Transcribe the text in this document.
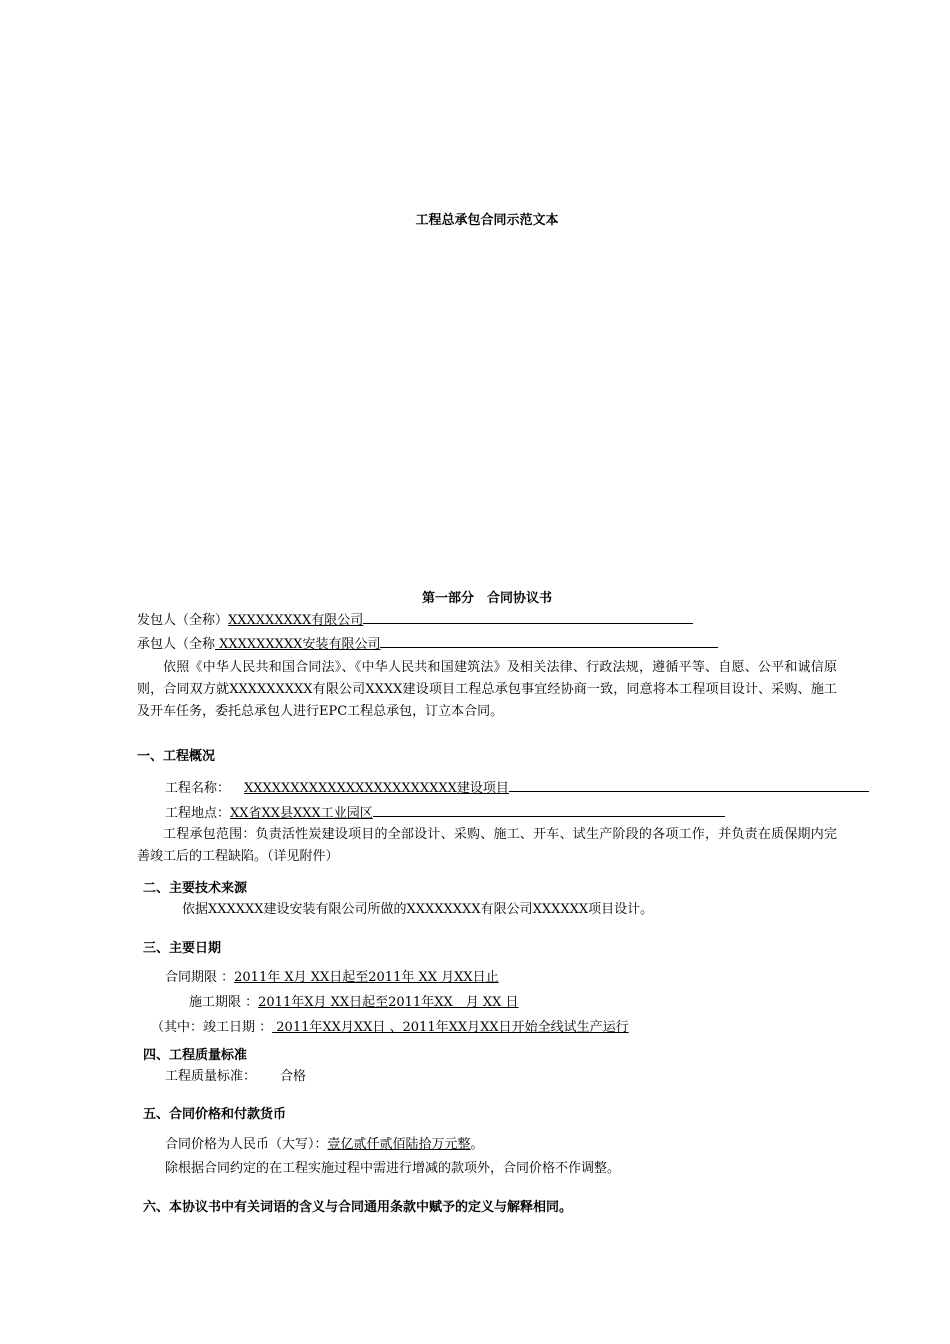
工程总承包合同示范文本
第一部分　合同协议书
发包人（全称）XXXXXXXXX有限公司
承包人（全称 XXXXXXXXX安装有限公司
依照《中华人民共和国合同法》、《中华人民共和国建筑法》及相关法律、行政法规，遵循平等、自愿、公平和诚信原则，合同双方就XXXXXXXXX有限公司XXXX建设项目工程总承包事宜经协商一致，同意将本工程项目设计、采购、施工及开车任务，委托总承包人进行EPC工程总承包，订立本合同。
一、工程概况
工程名称： XXXXXXXXXXXXXXXXXXXXXXX建设项目
工程地点：XX省XX县XXX工业园区
工程承包范围：负责活性炭建设项目的全部设计、采购、施工、开车、试生产阶段的各项工作，并负责在质保期内完善竣工后的工程缺陷。（详见附件）
二、主要技术来源
依据XXXXXX建设安装有限公司所做的XXXXXXXX有限公司XXXXXX项目设计。
三、主要日期
合同期限 ：2011年 X月 XX日起至2011年 XX 月XX日止
施工期限 ：2011年X月 XX日起至2011年XX　月 XX 日
（其中：竣工日期 ： 2011年XX月XX日 、2011年XX月XX日开始全线试生产运行
四、工程质量标准
工程质量标准： 合格
五、合同价格和付款货币
合同价格为人民币（大写）：壹亿贰仟贰佰陆拾万元整。
除根据合同约定的在工程实施过程中需进行增减的款项外，合同价格不作调整。
六、本协议书中有关词语的含义与合同通用条款中赋予的定义与解释相同。
